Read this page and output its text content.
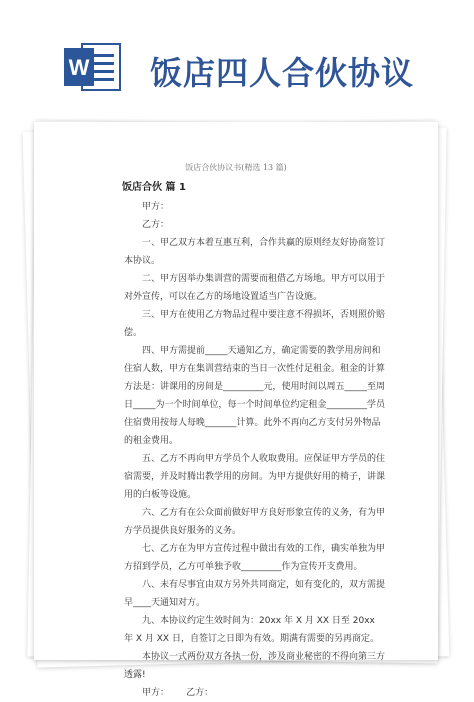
W 饭店四人合伙协议
饭店合伙协议书(精选 13 篇)
饭店合伙 篇 1

甲方：

乙方：

一、甲乙双方本着互惠互利，合作共赢的原则经友好协商签订本协议。

二、甲方因举办集训营的需要而租借乙方场地。甲方可以用于对外宣传，可以在乙方的场地设置适当广告设施。

三、甲方在使用乙方物品过程中要注意不得损坏，否则照价赔偿。

四、甲方需提前_____天通知乙方，确定需要的教学用房间和住宿人数，甲方在集训营结束的当日一次性付足租金。租金的计算方法是：讲课用的房间是_________元，使用时间以周五_____至周日_____为一个时间单位，每一个时间单位约定租金_________学员住宿费用按每人每晚_______计算。此外不再向乙方支付另外物品的租金费用。

五、乙方不再向甲方学员个人收取费用。应保证甲方学员的住宿需要，并及时腾出教学用的房间。为甲方提供好用的椅子，讲课用的白板等设施。

六、乙方有在公众面前做好甲方良好形象宣传的义务，有为甲方学员提供良好服务的义务。

七、乙方在为甲方宣传过程中做出有效的工作，确实单独为甲方招到学员，乙方可单独予收_________作为宣传开支费用。

八、未有尽事宜由双方另外共同商定，如有变化的，双方需提早____天通知对方。

九、本协议约定生效时间为：20xx 年 X 月 XX 日至 20xx 年 X 月 XX 日，自签订之日即为有效。期满有需要的另再商定。

本协议一式两份双方各执一份，涉及商业秘密的不得向第三方透露!

甲方：      乙方：
